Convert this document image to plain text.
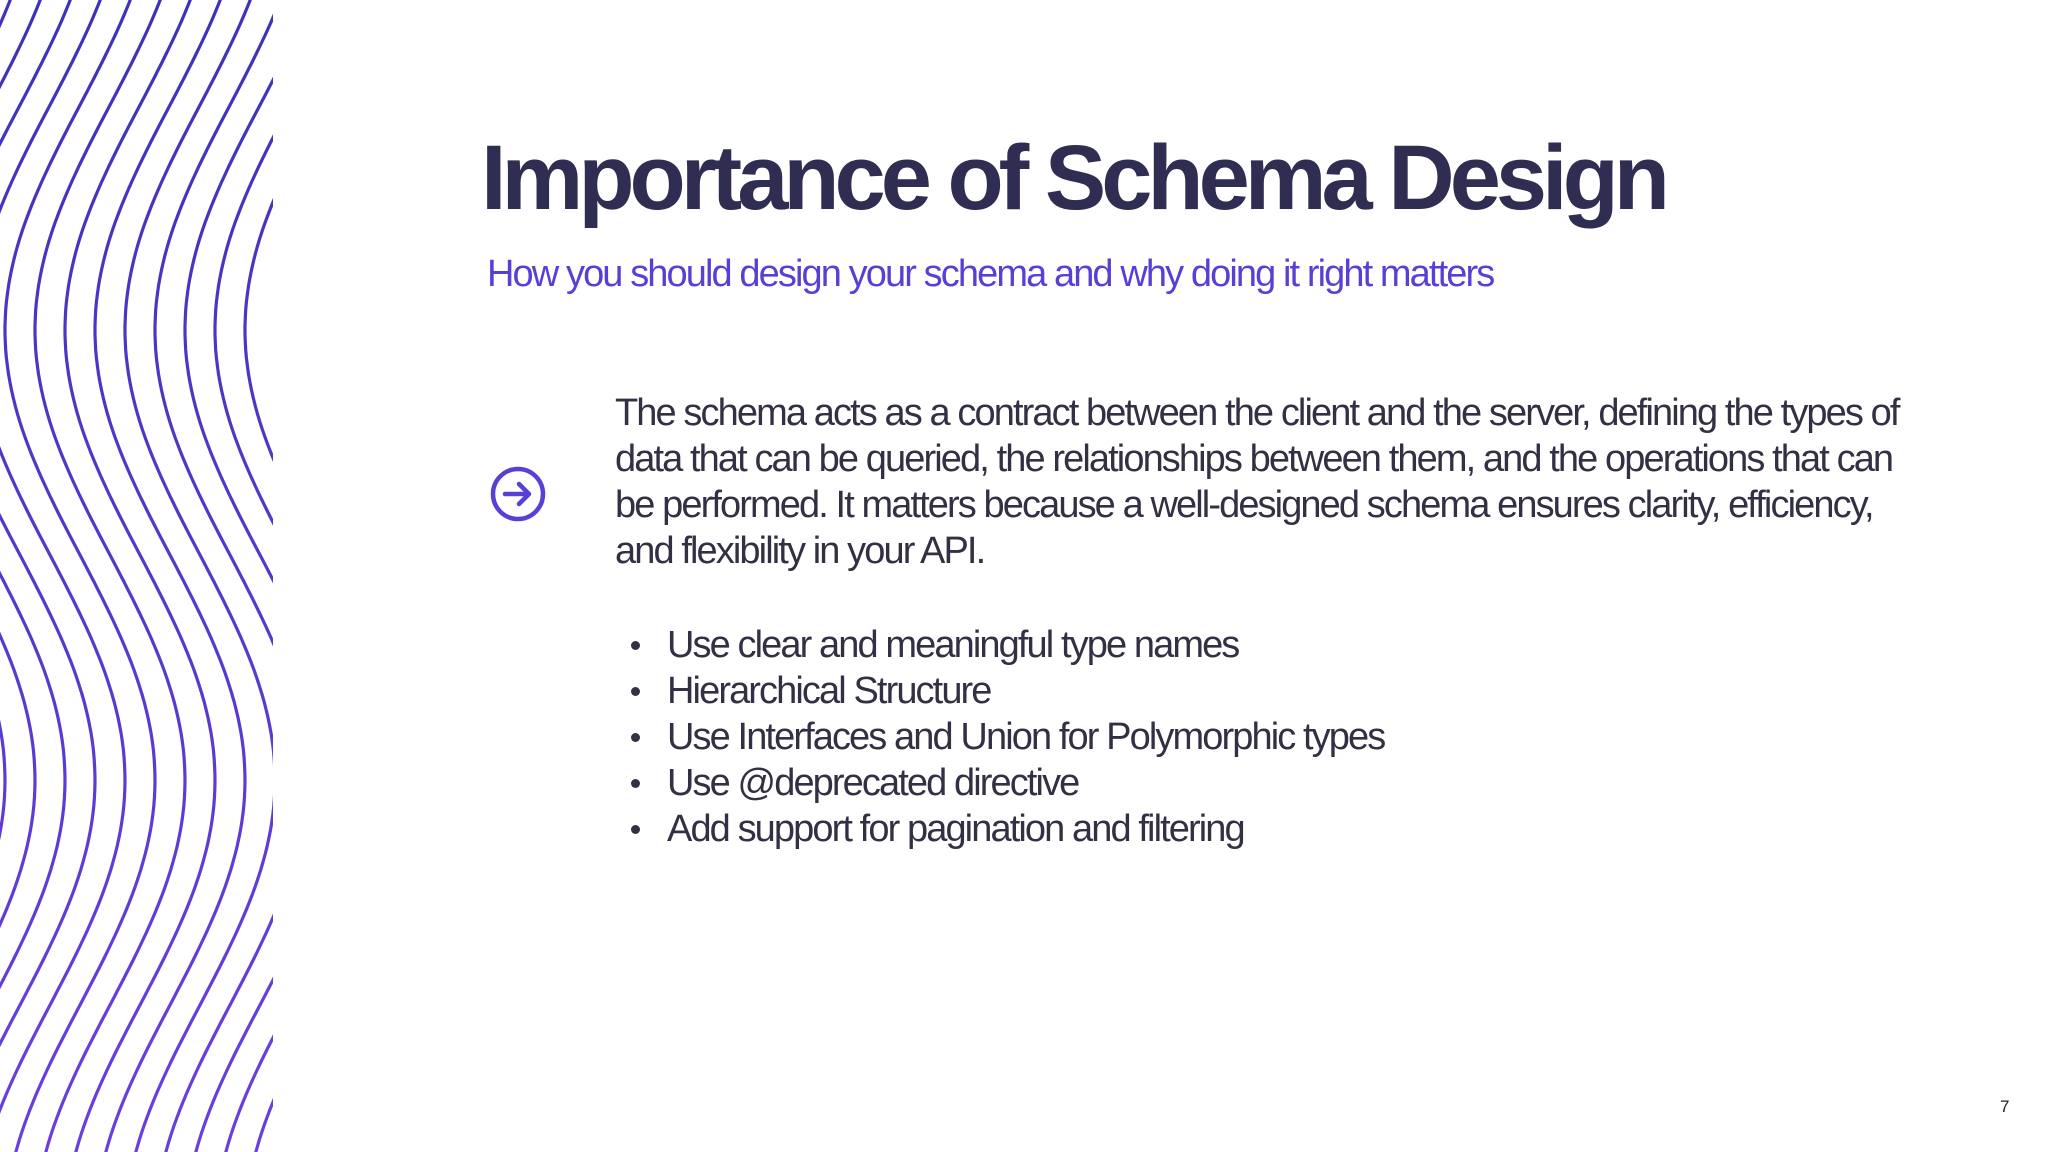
Importance of Schema Design

How you should design your schema and why doing it right matters

The schema acts as a contract between the client and the server, defining the types of data that can be queried, the relationships between them, and the operations that can be performed. It matters because a well-designed schema ensures clarity, efficiency, and flexibility in your API.

Use clear and meaningful type names
Hierarchical Structure
Use Interfaces and Union for Polymorphic types
Use @deprecated directive
Add support for pagination and filtering
7
